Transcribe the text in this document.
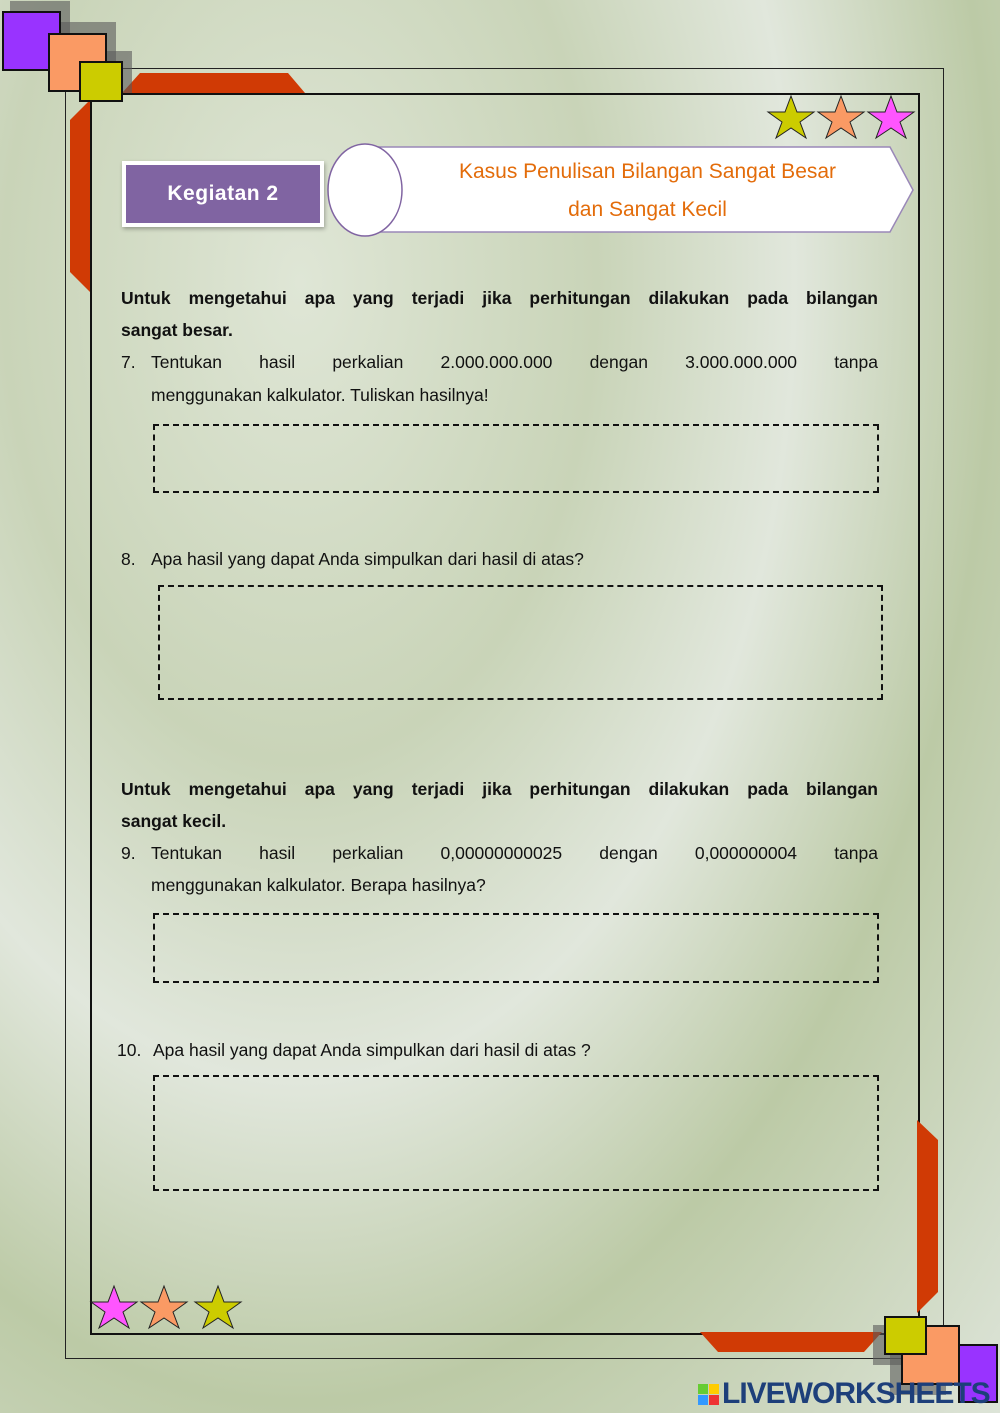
Kegiatan 2
Kasus Penulisan Bilangan Sangat Besar
dan Sangat Kecil
Untuk mengetahui apa yang terjadi jika perhitungan dilakukan pada bilangan
sangat besar.
7. Tentukan hasil perkalian 2.000.000.000 dengan 3.000.000.000 tanpa
menggunakan kalkulator. Tuliskan hasilnya!
8. Apa hasil yang dapat Anda simpulkan dari hasil di atas?
Untuk mengetahui apa yang terjadi jika perhitungan dilakukan pada bilangan
sangat kecil.
9. Tentukan hasil perkalian 0,00000000025 dengan 0,000000004 tanpa
menggunakan kalkulator. Berapa hasilnya?
10. Apa hasil yang dapat Anda simpulkan dari hasil di atas ?
LIVEWORKSHEETS
